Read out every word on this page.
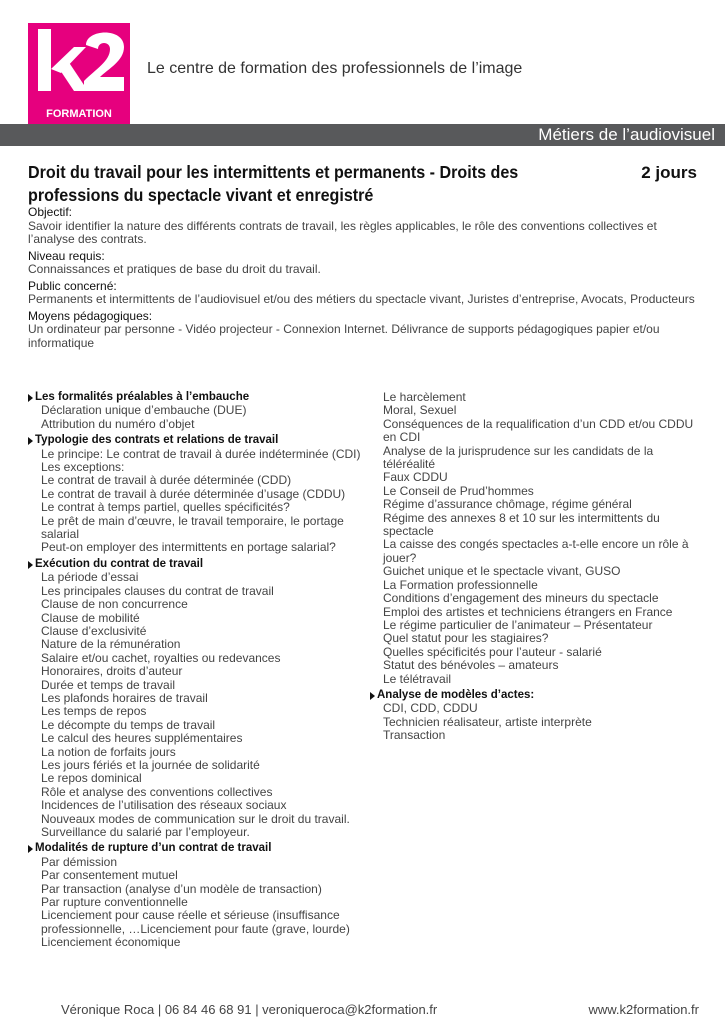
FORMATION
Le centre de formation des professionnels de l’image
Métiers de l’audiovisuel
Droit du travail pour les intermittents et permanents - Droits des professions du spectacle vivant et enregistré
2 jours
Objectif:
Savoir identifier la nature des différents contrats de travail, les règles applicables, le rôle des conventions collectives et l’analyse des contrats.
Niveau requis:
Connaissances et pratiques de base du droit du travail.
Public concerné:
Permanents et intermittents de l’audiovisuel et/ou des métiers du spectacle vivant, Juristes d’entreprise, Avocats, Producteurs
Moyens pédagogiques:
Un ordinateur par personne - Vidéo projecteur - Connexion Internet. Délivrance de supports pédagogiques papier et/ou informatique
Les formalités préalables à l’embauche
Déclaration unique d’embauche (DUE)
Attribution du numéro d’objet
Typologie des contrats et relations de travail
Le principe: Le contrat de travail à durée indéterminée (CDI)
Les exceptions:
Le contrat de travail à durée déterminée (CDD)
Le contrat de travail à durée déterminée d’usage (CDDU)
Le contrat à temps partiel, quelles spécificités?
Le prêt de main d’œuvre, le travail temporaire, le portage salarial
Peut-on employer des intermittents en portage salarial?
Exécution du contrat de travail
La période d’essai
Les principales clauses du contrat de travail
Clause de non concurrence
Clause de mobilité
Clause d’exclusivité
Nature de la rémunération
Salaire et/ou cachet, royalties ou redevances
Honoraires, droits d’auteur
Durée et temps de travail
Les plafonds horaires de travail
Les temps de repos
Le décompte du temps de travail
Le calcul des heures supplémentaires
La notion de forfaits jours
Les jours fériés et la journée de solidarité
Le repos dominical
Rôle et analyse des conventions collectives
Incidences de l’utilisation des réseaux sociaux
Nouveaux modes de communication sur le droit du travail.
Surveillance du salarié par l’employeur.
Modalités de rupture d’un contrat de travail
Par démission
Par consentement mutuel
Par transaction (analyse d’un modèle de transaction)
Par rupture conventionnelle
Licenciement pour cause réelle et sérieuse (insuffisance professionnelle, …Licenciement pour faute (grave, lourde)
Licenciement économique
Le harcèlement
Moral, Sexuel
Conséquences de la requalification d’un CDD et/ou CDDU en CDI
Analyse de la jurisprudence sur les candidats de la téléréalité
Faux CDDU
Le Conseil de Prud’hommes
Régime d’assurance chômage, régime général
Régime des annexes 8 et 10 sur les intermittents du spectacle
La caisse des congés spectacles a-t-elle encore un rôle à jouer?
Guichet unique et le spectacle vivant, GUSO
La Formation professionnelle
Conditions d’engagement des mineurs du spectacle
Emploi des artistes et techniciens étrangers en France
Le régime particulier de l’animateur – Présentateur
Quel statut pour les stagiaires?
Quelles spécificités pour l’auteur - salarié
Statut des bénévoles – amateurs
Le télétravail
Analyse de modèles d’actes:
CDI, CDD, CDDU
Technicien réalisateur, artiste interprète
Transaction
Véronique Roca | 06 84 46 68 91 | veroniqueroca@k2formation.fr	www.k2formation.fr
